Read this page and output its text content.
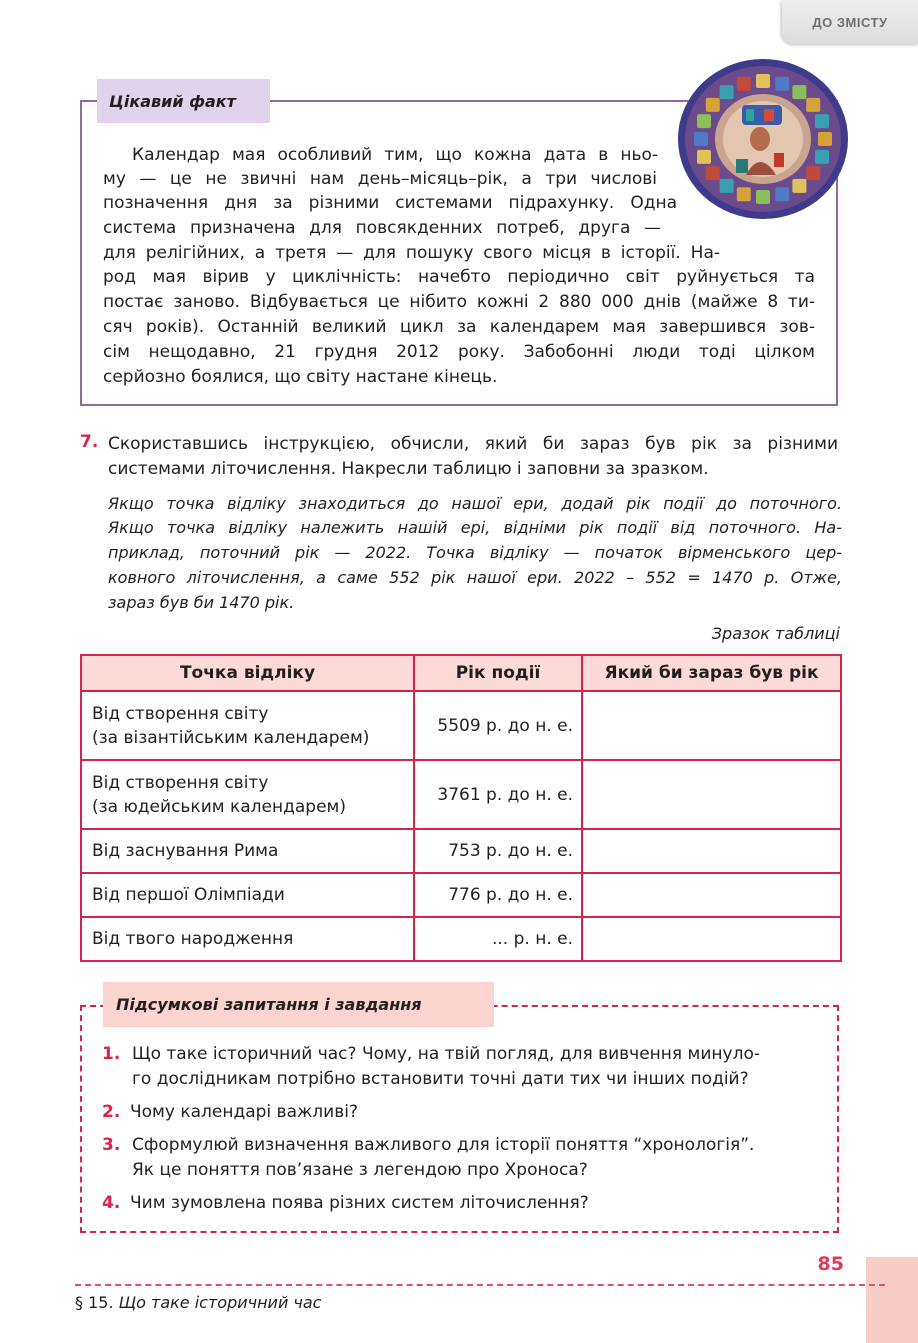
ДО ЗМІСТУ
Цікавий факт
Календар мая особливий тим, що кожна дата в ньо-
му — це не звичні нам день–місяць–рік, а три числові
позначення дня за різними системами підрахунку. Одна
система призначена для повсякденних потреб, друга —
для релігійних, а третя — для пошуку свого місця в історії. На-
род мая вірив у циклічність: начебто періодично світ руйнується та
постає заново. Відбувається це нібито кожні 2 880 000 днів (майже 8 ти-
сяч років). Останній великий цикл за календарем мая завершився зов-
сім нещодавно, 21 грудня 2012 року. Забобонні люди тоді цілком
серйозно боялися, що світу настане кінець.
7. Скориставшись інструкцією, обчисли, який би зараз був рік за різними
системами літочислення. Накресли таблицю і заповни за зразком.
Якщо точка відліку знаходиться до нашої ери, додай рік події до поточного.
Якщо точка відліку належить нашій ері, відніми рік події від поточного. На-
приклад, поточний рік — 2022. Точка відліку — початок вірменського цер-
ковного літочислення, а саме 552 рік нашої ери. 2022 – 552 = 1470 р. Отже,
зараз був би 1470 рік.
Зразок таблиці
Точка відліку	Рік події	Який би зараз був рік

Від створення світу
(за візантійським календарем)	5509 р. до н. е.	

Від створення світу
(за юдейським календарем)	3761 р. до н. е.	
Від заснування Рима	753 р. до н. е.	
Від першої Олімпіади	776 р. до н. е.	
Від твого народження	... р. н. е.	
Підсумкові запитання і завдання
1. Що таке історичний час? Чому, на твій погляд, для вивчення минуло-
го дослідникам потрібно встановити точні дати тих чи інших подій?
2. Чому календарі важливі?
3. Сформулюй визначення важливого для історії поняття “хронологія”.
Як це поняття пов’язане з легендою про Хроноса?
4. Чим зумовлена поява різних систем літочислення?
85
§ 15. Що таке історичний час
